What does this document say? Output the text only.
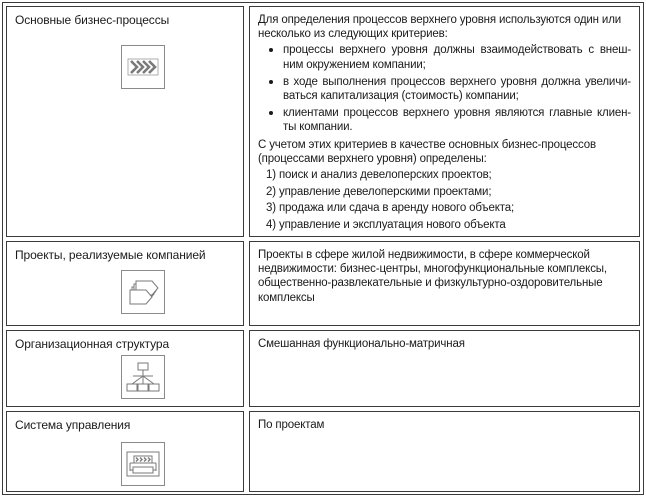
Основные бизнес-процессы	Для определения процессов верхнего уровня используются один или несколько из следующих критериев:

процессы верхнего уровня должны взаимодействовать с внеш-ним окружением компании;
в ходе выполнения процессов верхнего уровня должна увеличи-ваться капитализация (стоимость) компании;
клиентами процессов верхнего уровня являются главные клиен-ты компании.

С учетом этих критериев в качестве основных бизнес-процессов (процессами верхнего уровня) определены:

1) поиск и анализ девелоперских проектов;
2) управление девелоперскими проектами;
3) продажа или сдача в аренду нового объекта;
4) управление и эксплуатация нового объекта
Проекты, реализуемые компанией	Проекты в сфере жилой недвижимости, в сфере коммерческой недвижимости: бизнес-центры, многофункциональные комплексы, общественно-развлекательные и физкультурно-оздоровительные комплексы
Организационная структура	Смешанная функционально-матричная
Система управления	По проектам
